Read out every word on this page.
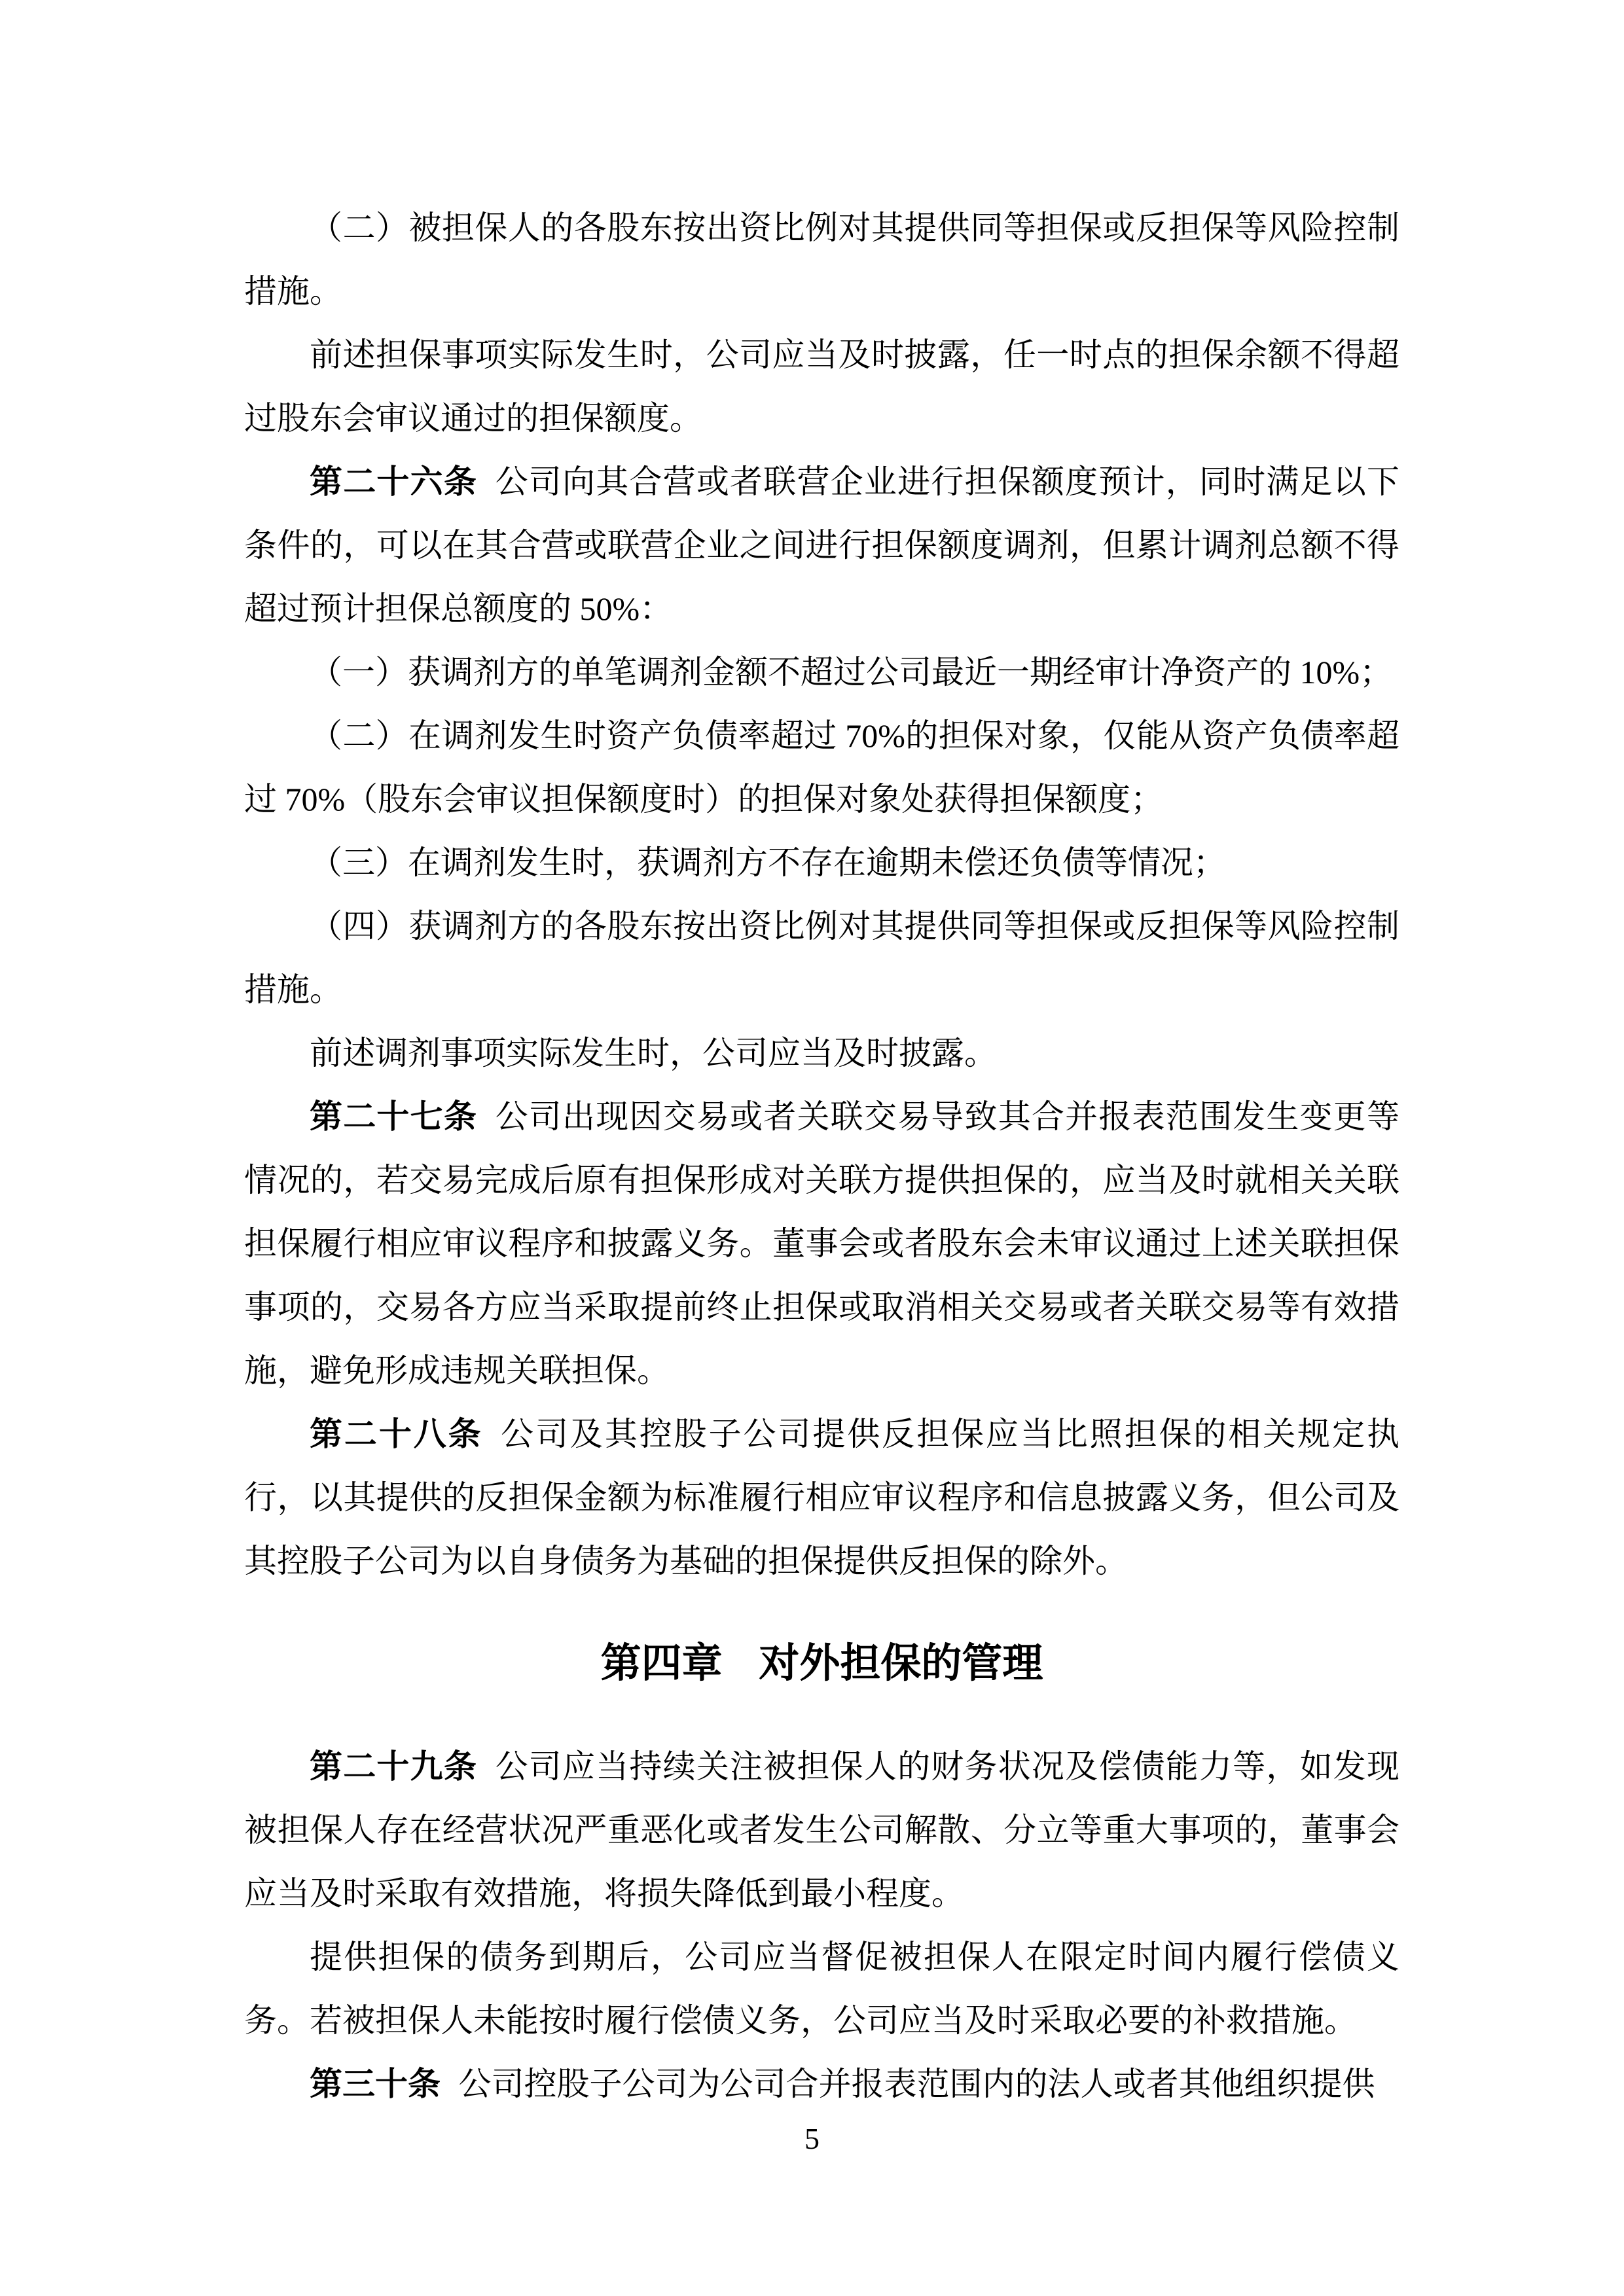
（二）被担保人的各股东按出资比例对其提供同等担保或反担保等风险控制措施。

前述担保事项实际发生时，公司应当及时披露，任一时点的担保余额不得超过股东会审议通过的担保额度。

第二十六条 公司向其合营或者联营企业进行担保额度预计，同时满足以下条件的，可以在其合营或联营企业之间进行担保额度调剂，但累计调剂总额不得超过预计担保总额度的 50%：

（一）获调剂方的单笔调剂金额不超过公司最近一期经审计净资产的 10%；

（二）在调剂发生时资产负债率超过 70%的担保对象，仅能从资产负债率超过 70%（股东会审议担保额度时）的担保对象处获得担保额度；

（三）在调剂发生时，获调剂方不存在逾期未偿还负债等情况；

（四）获调剂方的各股东按出资比例对其提供同等担保或反担保等风险控制措施。

前述调剂事项实际发生时，公司应当及时披露。

第二十七条 公司出现因交易或者关联交易导致其合并报表范围发生变更等情况的，若交易完成后原有担保形成对关联方提供担保的，应当及时就相关关联担保履行相应审议程序和披露义务。董事会或者股东会未审议通过上述关联担保事项的，交易各方应当采取提前终止担保或取消相关交易或者关联交易等有效措施，避免形成违规关联担保。

第二十八条 公司及其控股子公司提供反担保应当比照担保的相关规定执行，以其提供的反担保金额为标准履行相应审议程序和信息披露义务，但公司及其控股子公司为以自身债务为基础的担保提供反担保的除外。

第四章 对外担保的管理

第二十九条 公司应当持续关注被担保人的财务状况及偿债能力等，如发现被担保人存在经营状况严重恶化或者发生公司解散、分立等重大事项的，董事会应当及时采取有效措施，将损失降低到最小程度。

提供担保的债务到期后，公司应当督促被担保人在限定时间内履行偿债义务。若被担保人未能按时履行偿债义务，公司应当及时采取必要的补救措施。

第三十条 公司控股子公司为公司合并报表范围内的法人或者其他组织提供

5
